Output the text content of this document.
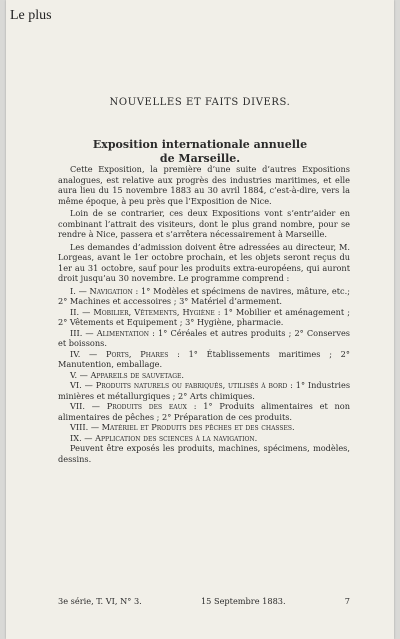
Le plus
NOUVELLES ET FAITS DIVERS.
Exposition internationale annuelle
de Marseille.

Cette Exposition, la première d’une suite d’autres Expositions analogues, est relative aux progrès des industries maritimes, et elle aura lieu du 15 novembre 1883 au 30 avril 1884, c’est-à-dire, vers la même époque, à peu près que l’Exposition de Nice.

Loin de se contrarier, ces deux Expositions vont s’entr’aider en combinant l’attrait des visiteurs, dont le plus grand nombre, pour se rendre à Nice, passera et s’arrêtera nécessairement à Marseille.

Les demandes d’admission doivent être adressées au directeur, M. Lorgeas, avant le 1er octobre prochain, et les objets seront reçus du 1er au 31 octobre, sauf pour les produits extra-européens, qui auront droit jusqu’au 30 novembre. Le programme comprend :

I. — Navigation : 1° Modèles et spécimens de navires, mâture, etc.; 2° Machines et accessoires ; 3° Matériel d’armement.
II. — Mobilier, Vêtements, Hygiène : 1° Mobilier et aménagement ; 2° Vêtements et Equipement ; 3° Hygiène, pharmacie.
III. — Alimentation : 1° Céréales et autres produits ; 2° Conserves et boissons.
IV. — Ports, Phares : 1° Établissements maritimes ; 2° Manutention, emballage.
V. — Appareils de sauvetage.
VI. — Produits naturels ou fabriqués, utilisés à bord : 1° Industries minières et métallurgiques ; 2° Arts chimiques.
VII. — Produits des eaux : 1° Produits alimentaires et non alimentaires de pêches ; 2° Préparation de ces produits.
VIII. — Matériel et Produits des pêches et des chasses.
IX. — Application des sciences à la navigation.

Peuvent être exposés les produits, machines, spécimens, modèles, dessins.

3e série, T. VI, N° 3.	15 Septembre 1883.	7
